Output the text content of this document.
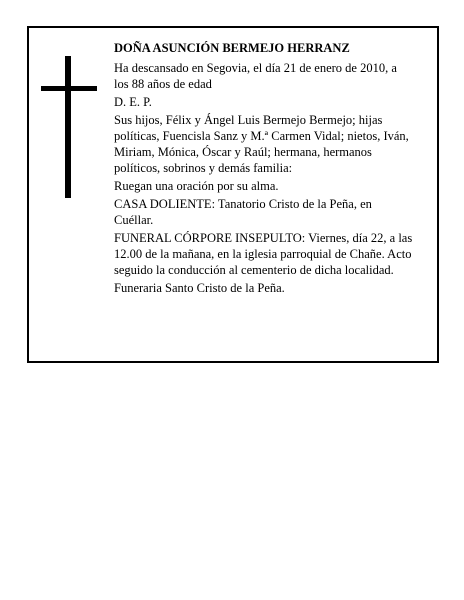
DOÑA ASUNCIÓN BERMEJO HERRANZ

Ha descansado en Segovia, el día 21 de enero de 2010, a los 88 años de edad

D. E. P.

Sus hijos, Félix y Ángel Luis Bermejo Bermejo; hijas políticas, Fuencisla Sanz y M.ª Carmen Vidal; nietos, Iván, Miriam, Mónica, Óscar y Raúl; hermana, hermanos políticos, sobrinos y demás familia:

Ruegan una oración por su alma.

CASA DOLIENTE: Tanatorio Cristo de la Peña, en Cuéllar.

FUNERAL CÓRPORE INSEPULTO: Viernes, día 22, a las 12.00 de la mañana, en la iglesia parroquial de Chañe. Acto seguido la conducción al cementerio de dicha localidad.

Funeraria Santo Cristo de la Peña.
